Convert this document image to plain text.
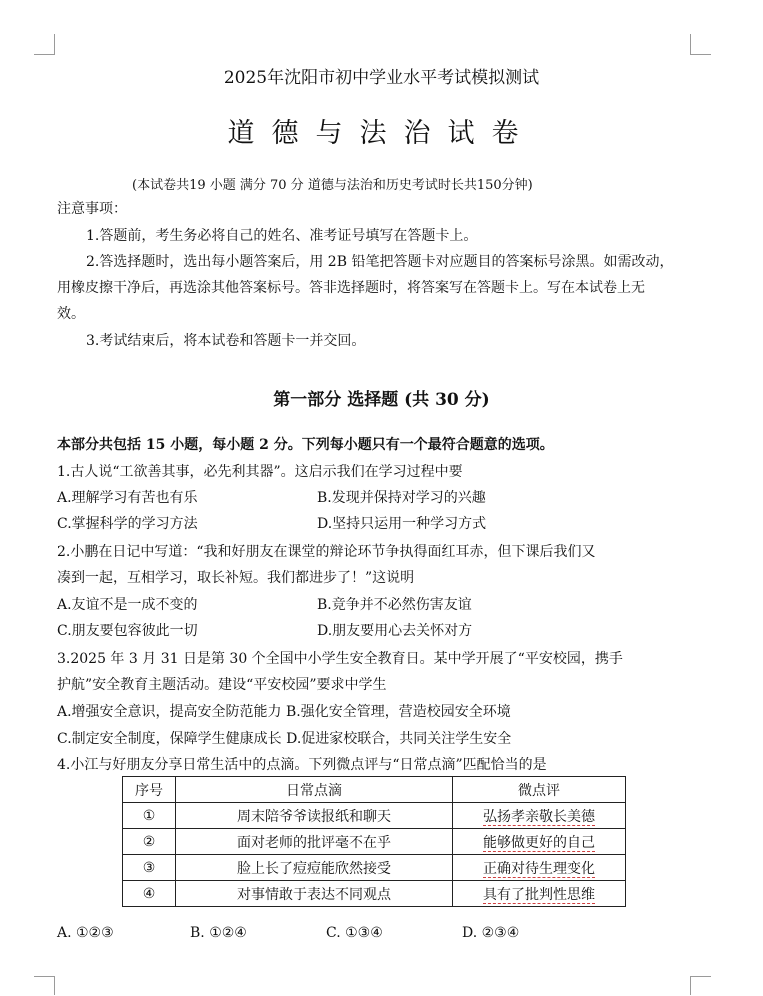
2025年沈阳市初中学业水平考试模拟测试
道德与法治试卷
(本试卷共19 小题 满分 70 分 道德与法治和历史考试时长共150分钟)
注意事项：
1.答题前，考生务必将自己的姓名、准考证号填写在答题卡上。
2.答选择题时，选出每小题答案后，用 2B 铅笔把答题卡对应题目的答案标号涂黑。如需改动，
用橡皮擦干净后，再选涂其他答案标号。答非选择题时，将答案写在答题卡上。写在本试卷上无
效。
3.考试结束后，将本试卷和答题卡一并交回。
第一部分 选择题 (共 30 分)
本部分共包括 15 小题，每小题 2 分。下列每小题只有一个最符合题意的选项。
1.古人说“工欲善其事，必先利其器”。这启示我们在学习过程中要
A.理解学习有苦也有乐	B.发现并保持对学习的兴趣
C.掌握科学的学习方法	D.坚持只运用一种学习方式
2.小鹏在日记中写道：“我和好朋友在课堂的辩论环节争执得面红耳赤，但下课后我们又
凑到一起，互相学习，取长补短。我们都进步了！”这说明
A.友谊不是一成不变的	B.竞争并不必然伤害友谊
C.朋友要包容彼此一切	D.朋友要用心去关怀对方
3.2025 年 3 月 31 日是第 30 个全国中小学生安全教育日。某中学开展了“平安校园，携手
护航”安全教育主题活动。建设“平安校园”要求中学生
A.增强安全意识，提高安全防范能力 B.强化安全管理，营造校园安全环境
C.制定安全制度，保障学生健康成长 D.促进家校联合，共同关注学生安全
4.小江与好朋友分享日常生活中的点滴。下列微点评与“日常点滴”匹配恰当的是
序号	日常点滴	微点评
①	周末陪爷爷读报纸和聊天	弘扬孝亲敬长美德
②	面对老师的批评毫不在乎	能够做更好的自己
③	脸上长了痘痘能欣然接受	正确对待生理变化
④	对事情敢于表达不同观点	具有了批判性思维
A. ①②③	B. ①②④	C. ①③④	D. ②③④
